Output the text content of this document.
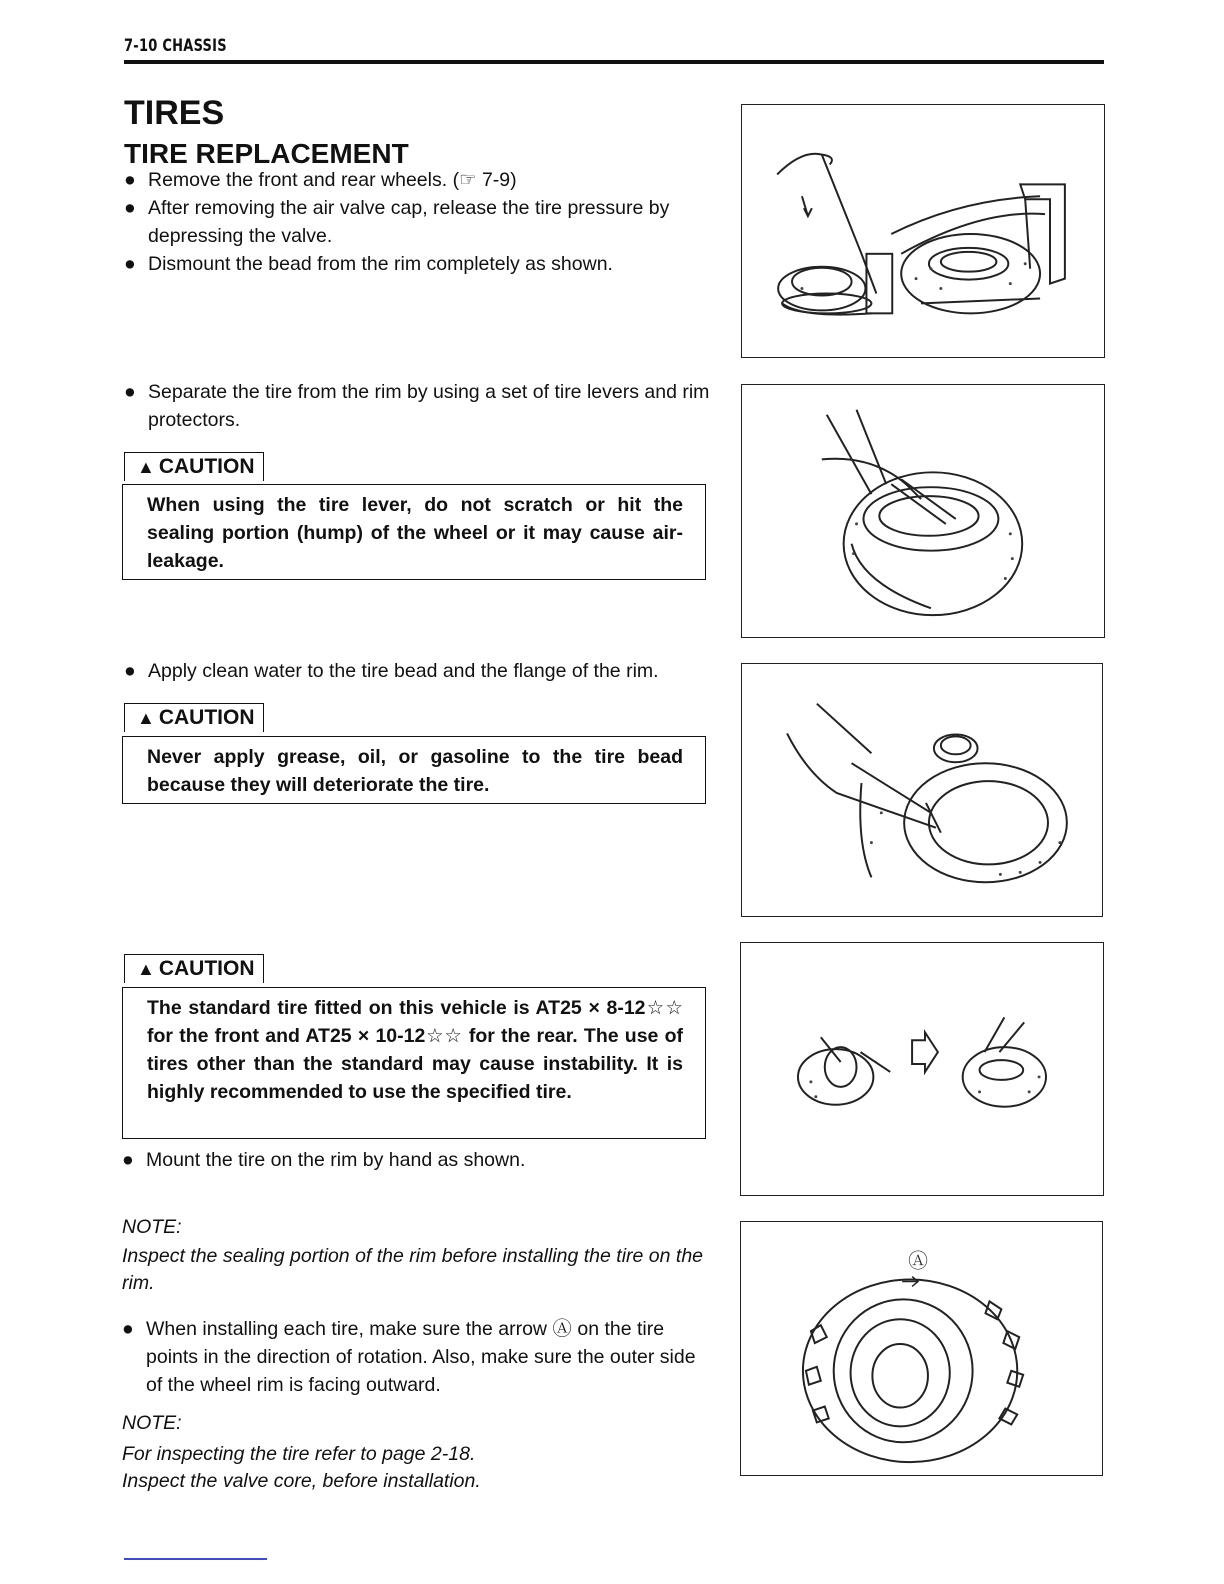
7-10 CHASSIS
TIRES
TIRE REPLACEMENT
● Remove the front and rear wheels. (☞ 7-9)
● After removing the air valve cap, release the tire pressure by depressing the valve.
● Dismount the bead from the rim completely as shown.
● Separate the tire from the rim by using a set of tire levers and rim protectors.
▲ CAUTION
When using the tire lever, do not scratch or hit the sealing portion (hump) of the wheel or it may cause air-leakage.
● Apply clean water to the tire bead and the flange of the rim.
▲ CAUTION
Never apply grease, oil, or gasoline to the tire bead because they will deteriorate the tire.
▲ CAUTION
The standard tire fitted on this vehicle is AT25 × 8-12☆☆ for the front and AT25 × 10-12☆☆ for the rear. The use of tires other than the standard may cause instability. It is highly recommended to use the specified tire.
● Mount the tire on the rim by hand as shown.
NOTE:
Inspect the sealing portion of the rim before installing the tire on the rim.
● When installing each tire, make sure the arrow Ⓐ on the tire points in the direction of rotation. Also, make sure the outer side of the wheel rim is facing outward.
NOTE:
For inspecting the tire refer to page 2-18.
Inspect the valve core, before installation.
Ⓐ
